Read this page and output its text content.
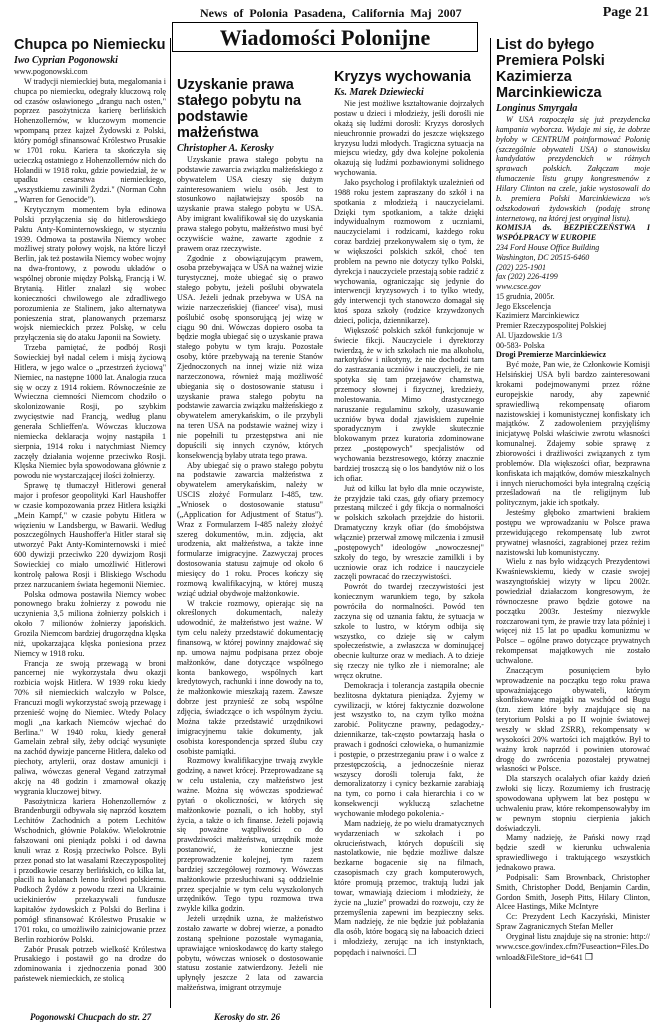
News of Polonia Pasadena, California Maj 2007	Page 21
Wiadomości Polonijne
Chupca po Niemiecku

Iwo Cyprian Pogonowski

www.pogonowski.com

W tradycji niemieckiej buta, megalomania i chupca po niemiecku, odegrały kluczową rolę od czasów osławionego „drangu nach osten," poprzez pasożytnicza karierę berlińskich Hohenzollernów, w kluczowym momencie wpompaną przez kajzeł Żydowski z Polski, który pomógł sfinansować Królestwo Prusakie w 1701 roku. Kariera ta skończyła się ucieczką ostatniego z Hohenzollernów nich do Holandii w 1918 roku, gdzie powiedział, że w upadku cesarstwa niemieckiego, „wszystkiemu zawinili Żydzi." (Norman Cohn „ Warren for Genocide").

Krytycznym momentem była edinowa Polski przyłączenia się do hitlerowskiego Paktu Anty-Kominternowskiego, w styczniu 1939. Odmowa ta postawiła Niemcy wobec możliwej straty połowy wojsk, na które liczył Berlin, jak też postawiła Niemcy wobec wojny na dwa-frontowy, z powodu układów o wspólnej obronie między Polską, Francją i W. Brytanią. Hitler znalazł się wobec konieczności chwilowego ale zdradliwego porozumienia ze Stalinem, jako alternatywa ponieszenia strat, planowanych przemarsz wojsk niemieckich przez Polskę, w celu przyłączenia się do ataku Japonii na Sowiety.

Trzeba pamiętać, że podbój Rosji Sowieckiej był nadal celem i misją życiową Hitlera, w jego walce o „przestrzeń życiową" Niemiec, na następne 1000 lat. Analogia rzuca się w oczy z 1914 rokiem. Równocześnie ze Wwieczna ciemności Niemcom chodziło o skolonizowanie Rosji, po szybkim zwycięstwie nad Francją, według planu generała Schlieffen'a. Wówczas kluczowa niemiecka deklaracja wojny nastąpiła 1 sierpnia, 1914 roku i natychmiast Niemcy zaczęły działania wojenne przeciwko Rosji. Klęska Niemiec była spowodowana głównie z powodu nie wystarczającej ilości żołnierzy.

Sprawę tę tłumaczył Hitlerowi generał major i profesor geopolityki Karl Haushoffer w czasie kompozowania przez Hitlera książki „Mein Kampf," w czasie pobytu Hitlera w więzieniu w Landsbergu, w Bawarii. Według poszczególnych Haushoffer'a Hitler starał się utworzyć Pakt Anty-Kominternowski i mieć 600 dywizji przeciwko 220 dywizjom Rosji Sowieckiej co miało umożliwić Hitlerowi kontrolę pałowa Rosji i Bliskiego Wschodu przez narzucaniem świata hegemonii Niemiec.

Polska odmowa postawiła Niemcy wobec ponownego braku żołnierzy z powodu nie uczynienia 3,5 miliona żołnierzy polskich i około 7 milionów żołnierzy japońskich. Grozila Niemcom bardziej drugorzędna klęska niż, upokarzająca klęska poniesiona przez Niemcy w 1918 roku.

Francja ze swoją przewagą w broni pancernej nie wykorzystała dwu okazji rozbicia wojsk Hitlera. W 1939 roku kiedy 70% sił niemieckich walczyło w Polsce, Francuzi mogli wykorzystać swoją przewagę i przenieść wojnę do Niemiec. Wtedy Polacy mogli „na karkach Niemców wjechać do Berlina." W 1940 roku, kiedy generał Gamelain zebrał siły, żeby odciąć wysunięte na zachód dywizje pancerne Hitlera, daleko od piechoty, artylerii, oraz dostaw amunicji i paliwa, wówczas generał Vegand zatrzymał akcję na 48 godzin i zmarnował okazję wygrania kluczowej bitwy.

Pasożytnicza kariera Hohenzollernów z Brandenburgii odbywała się naprzód kosztem Lechitów Zachodnich a potem Lechitów Wschodnich, głównie Polaków. Wielokrotnie fałszowani oni pieniądz polski i od dawna knuli wraz z Rosją przeciwko Polsce. Byli przez ponad sto lat wasalami Rzeczypospolitej i przodkowie cesarzy berlińskich, co kilka lat, płacili na kolanach lenno królowi polskiemu. Podkoch Żydów z powodu rzezi na Ukrainie uciekinierów przekazywali fundusze kapitałów żydowskich z Polski do Berlina i pomógł sfinansować Królestwo Prusakie w 1701 roku, co umożliwiło zainicjowanie przez Berlin rozbiorów Polski.

Zabór Prusak potrzeb wielkość Królestwa Prusakiego i postawił go na drodze do zdominowania i zjednoczenia ponad 300 państewek niemieckich, ze stolicą

Pogonowski Chucpach do str. 27
Uzyskanie prawa stałego pobytu na podstawie małżeństwa

Christopher A. Kerosky

Uzyskanie prawa stałego pobytu na podstawie zawarcia związku małżeńskiego z obywatelem USA cieszy się dużym zainteresowaniem wielu osób. Jest to stosunkowo najłatwiejszy sposób na uzyskanie prawa stałego pobytu w USA. Aby imigrant kwalifikował się do uzyskania prawa stałego pobytu, małżeństwo musi być oczywiście ważne, zawarte zgodnie z prawem oraz rzeczywiste.

Zgodnie z obowiązującym prawem, osoba przebywająca w USA na ważnej wizie turystycznej, może ubiegać się o prawo stałego pobytu, jeżeli poślubi obywatela USA. Jeżeli jednak przebywa w USA na wizie narzeczeńskiej (fiancee' visa), musi poślubić osobę sponsorującą jej wizę w ciągu 90 dni. Wówczas dopiero osoba ta będzie mogła ubiegać się o uzyskanie prawa stałego pobytu w tym kraju. Pozostałe osoby, które przebywają na terenie Stanów Zjednoczonych na innej wizie niż wiza narzeczonowa, również mają możliwość ubiegania się o dostosowanie statusu i uzyskanie prawa stałego pobytu na podstawie zawarcia związku małżeńskiego z obywatelem amerykańskim, o ile przybyli na teren USA na podstawie ważnej wizy i nie popełnili tu przestępstwa ani nie dopuścili się innych czynów, których konsekwencją byłaby utrata tego prawa.

Aby ubiegać się o prawo stałego pobytu na podstawie zawarcia małżeństwa z obywatelem amerykańskim, należy w USCIS złożyć Formularz I-485, tzw. „Wniosek o dostosowanie statusu" („Application for Adjustment of Status"). Wraz z Formularzem I-485 należy złożyć szereg dokumentów, m.in. zdjęcia, akt urodzenia, akt małżeństwa, a także inne formularze imigracyjne. Zazwyczaj proces dostosowania statusu zajmuje od około 6 miesięcy do 1 roku. Proces kończy się rozmową kwalifikacyjną, w której muszą wziąć udział obydwoje małżonkowie.

W trakcie rozmowy, opierając się na określonych dokumentach, należy udowodnić, że małżeństwo jest ważne. W tym celu należy przedstawić dokumentację finansową, w której powinny znajdować się np. umowa najmu podpisana przez oboje małżonków, dane dotyczące wspólnego konta bankowego, wspólnych kart kredytowych, rachunki i inne dowody na to, że małżonkowie mieszkają razem. Zawsze dobrze jest przynieść ze sobą wspólne zdjęcia, świadczące o ich wspólnym życiu. Można także przedstawić urzędnikowi imigracyjnemu takie dokumenty, jak osobista korespondencja sprzed ślubu czy osobiste pamiątki.

Rozmowy kwalifikacyjne trwają zwykle godzinę, a nawet krócej. Przeprowadzane są w celu ustalenia, czy małżeństwo jest ważne. Można się wówczas spodziewać pytań o okoliczności, w których się małżonkowie poznali, o ich hobby, styl życia, a także o ich finanse. Jeżeli pojawią się poważne wątpliwości co do prawdziwości małżeństwa, urzędnik może postanowić, że konieczne jest przeprowadzenie kolejnej, tym razem bardziej szczegółowej rozmowy. Wówczas małżonkowie przesłuchiwani są oddzielnie przez specjalnie w tym celu wyszkolonych urzędników. Tego typu rozmowa trwa zwykle kilka godzin.

Jeżeli urzędnik uzna, że małżeństwo zostało zawarte w dobrej wierze, a ponadto zostaną spełnione pozostałe wymagania, uprawiające wnioskodawcę do karty stałego pobytu, wówczas wniosek o dostosowanie statusu zostanie zatwierdzony. Jeżeli nie upłynęły jeszcze 2 lata od zawarcia małżeństwa, imigrant otrzymuje

Kerosky do str. 26
Kryzys wychowania

Ks. Marek Dziewiecki

Nie jest możliwe kształtowanie dojrzałych postaw u dzieci i młodzieży, jeśli dorośli nie okażą się ludźmi dorosłi: Kryzys dorosłych nieuchronnie prowadzi do jeszcze większego kryzysu ludzi młodych. Tragiczna sytuacja na miejscu wiedzy, gdy dwa kolejne pokolenia okazują się ludźmi pozbawionymi solidnego wychowania.

Jako psycholog i profilaktyk uzależnień od 1988 roku jestem zapraszany do szkół i na spotkania z młodzieżą i nauczycielami. Dzięki tym spotkaniom, a także dzięki indywidualnym rozmowom z uczniami, nauczycielami i rodzicami, każdego roku coraz bardziej przekonywałem się o tym, że w większości polskich szkół, choć ten problem na pewno nie dotyczy tylko Polski, dyrekcja i nauczyciele przestają sobie radzić z wychowania, ograniczając się jedynie do interwencji kryzysowych i to tylko wtedy, gdy interwencji tych stanowczo domagał się ktoś spoza szkoły (rodzice krzywdzonych dzieci, policja, dziennikarze).

Większość polskich szkół funkcjonuje w świecie fikcji. Nauczyciele i dyrektorzy twierdzą, że w ich szkołach nie ma alkoholu, narkotyków i nikotyny, że nie dochodzi tam do zastraszania uczniów i nauczycieli, że nie spotyka się tam przejawów chamstwa, przemocy słownej i fizycznej, kredzieży, molestowania. Mimo drastycznego naruszanie regulaminu szkoły, uzasuwanie uczniów bywa dodał zjawiskiem zupełnie sporadycznym i zwykle skutecznie blokowanym przez kuratoria zdominowane przez „postępowych" specjalistów od wychowania bezstresowego, którzy znacznie bardziej troszczą się o los bandytów niż o los ich ofiar.

Już od kilku lat było dla mnie oczywiste, że przyjdzie taki czas, gdy ofiary przemocy przestaną milczeć i gdy fikcja o normalności w polskich szkołach przejdzie do historii. Dramatyczny krzyk ofiar (do śmobójstwa włącznie) przerwał zmowę milczenia i zmusił „postępowych" ideologów „nowoczesnej" szkoły do tego, by wreszcie zamilkli i by uczniowie oraz ich rodzice i nauczyciele zaczęli powracać do rzeczywistości.

Powrót do twardej rzeczywistości jest koniecznym warunkiem tego, by szkoła powróciła do normalności. Powód ten zaczyna się od uznania faktu, że sytuacja w szkole to lustro, w którym odbija się wszystko, co dzieje się w całym społeczeństwie, a zwłaszcza w dominującej obecnie kulturze oraz w mediach. A to dzieje się rzeczy nie tylko złe i niemoralne; ale wręcz okrutne.

Demokracja i tolerancja zastąpiła obecnie bezlitosna dyktatura pieniądza. Żyjemy w cywilizacji, w której faktycznie dozwolone jest wszystko to, na czym tylko można zarobić. Polityczne prawny, pedagodzy,-dziennikarze, tak-często powtarzają hasła o prawach i godności człowieka, o humanizmie i postępie, o przestrzeganiu praw i o walce z przestępczością, a jednocześnie nieraz wszyscy dorośli toleruja fakt, że demoralizatorzy i cynicy bezkarnie zarabiają na tym, co porno i cała hierarchia i co w konsekwencji wykluczą szlachetne wychowanie młodego pokolenia.-

Mam nadzieję, że po wielu dramatycznych wydarzeniach w szkołach i po okrucieństwach, których dopuścili się nastolatkowie, nie będzie możliwe dalsze bezkarne bogacenie się na filmach, czasopismach czy grach komputerowych, które promują przemoc, traktują ludzi jak towar, wmawiają dzieciom i młodzieży, że życie na „luzie" prowadzi do rozwoju, czy że przemyślenia zapewni im bezpieczny seks. Mam nadzieję, że nie będzie już pobłażania dla osób, które bogacą się na łaboacich dzieci i młodzieży, zerując na ich instynktach, popędach i naiwności. ❐

List do byłego Premiera Polski Kazimierza Marcinkiewicza

Longinus Smyrgała

W USA rozpoczęła się już prezydencka kampania wyborcza. Wydaje mi się, że dobrze byłoby w CENTRUM poinformować Polonię (szczególnie obywateli USA) o stanowisku kandydatów prezydenckich w różnych sprawach polskich. Załączam moje tłumaczenie listu grupy kongresmenów z Hilary Clinton na czele, jakie wystosowali do b. premiera Polski Marcinkiewicza w/s odszkodowań żydowskich (podaję stronę internetową, na której jest oryginał listu).

KOMISJA ds. BEZPIECZEŃSTWA I WSPÓŁPRACY W EUROPIE

234 Ford House Office Building

Washington, DC 20515-6460

(202) 225-1901

fax (202) 226-4199

www.csce.gov

15 grudnia, 2005r.

Jego Ekscelencja

Kazimierz Marcinkiewicz

Premier Rzeczypospolitej Polskiej

Al. Ujazdowskie 1/3

00-583- Polska

Drogi Premierze Marcinkiewicz

Być może, Pan wie, że Członkowie Komisji Helsińskiej USA byli bardzo zainteresowani krokami podejmowanymi przez różne europejskie narody, aby zapewnić sprawiedliwą rekompensatę ofiarom nazistowskiej i komunistycznej konfiskaty ich majątków. Z zadowoleniem przyjęliśmy inicjatywę Polski właściwie zwrotu własności komunalnej. Zdajemy sobie sprawę z zbiorowości i drażliwości związanych z tym problemów. Dla większości ofiar, bezprawna konfiskata ich majątków, domów mieszkalnych i innych nieruchomości była integralną częścią prześladowań na tle religijnym lub politycznym, jakie ich spotkały.

Jesteśmy głęboko zmartwieni brakiem postępu we wprowadzaniu w Polsce prawa przewidującego rekompensatę lub zwrot prywatnej własności, zagrabionej przez reżim nazistowski lub komunistyczny.

Wielu z nas było widzących Prezydentowi Kwaśniewskiemu, kiedy w czasie swojej waszyngtońskiej wizyty w lipcu 2002r. powiedział działaczom kongresowym, że równoczesne prawo będzie gotowe na początku 2003r. Jesteśmy niezwykle rozczarowani tym, że prawie trzy lata później i więcej niż 15 lat po upadku komunizmu w Polsce – ogólne prawo dotyczące prywatnych rekompensat majątkowych nie zostało uchwalone.

Znaczącym posunięciem było wprowadzenie na początku tego roku prawa upoważniającego obywateli, którym skonfiskowane majątki na wschód od Bugu (tzn. ziem które były znajdujące się na terytorium Polski a po II wojnie światowej weszły w skład ZSRR), rekompensaty w wysokości 20% wartości ich majątków. Był to ważny krok naprzód i powinien utorować drogę do zwrócenia pozostałej prywatnej własności w Polsce.

Dla starszych ocalałych ofiar każdy dzień zwłoki się liczy. Rozumiemy ich frustrację spowodowana upływem lat bez postępu w uchwaleniu praw, które rekompensowałyby im w pewnym stopniu cierpienia jakich doświadczyli.

Mamy nadzieję, że Pański nowy rząd będzie szedł w kierunku uchwalenia sprawiedliwego i traktującego wszystkich jednakowo prawa.

Podpisali: Sam Brownback, Christopher Smith, Christopher Dodd, Benjamin Cardin, Gordon Smith, Joseph Pitts, Hilary Clinton, Alcee Hastings, Mike McIntyre

Cc: Prezydent Lech Kaczyński, Minister Spraw Zagranicznych Stefan Meller

Oryginał listu znajduje się na stronie: http://www.csce.gov/index.cfm?Fuseaction=Files.Download&FileStore_id=641 ❐
